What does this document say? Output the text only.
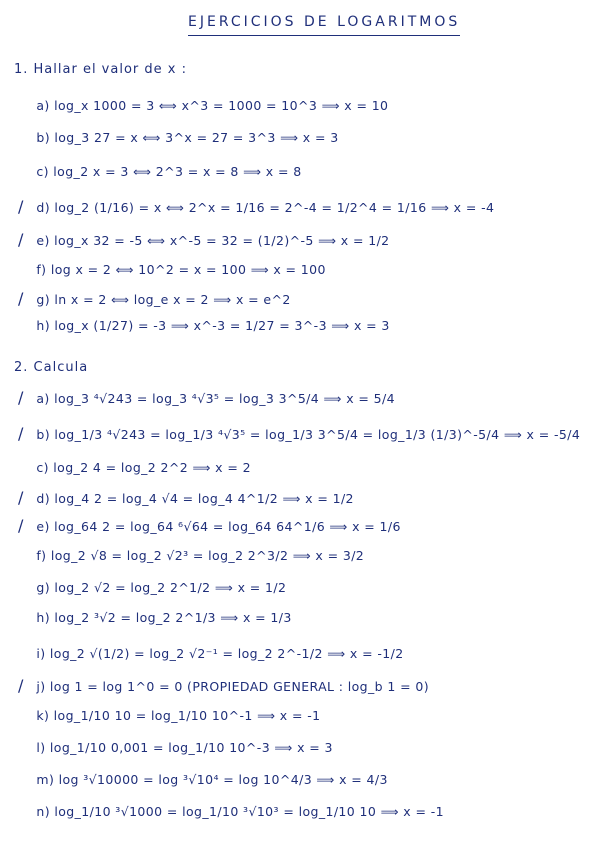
EJERCICIOS DE LOGARITMOS
1. Hallar el valor de x :
a) log_x 1000 = 3 ⟺ x^3 = 1000 = 10^3 ⟹ x = 10
b) log_3 27 = x ⟺ 3^x = 27 = 3^3 ⟹ x = 3
c) log_2 x = 3 ⟺ 2^3 = x = 8 ⟹ x = 8
/ d) log_2 (1/16) = x ⟺ 2^x = 1/16 = 2^-4 = 1/2^4 = 1/16 ⟹ x = -4
/ e) log_x 32 = -5 ⟺ x^-5 = 32 = (1/2)^-5 ⟹ x = 1/2
f) log x = 2 ⟺ 10^2 = x = 100 ⟹ x = 100
/ g) ln x = 2 ⟺ log_e x = 2 ⟹ x = e^2
h) log_x (1/27) = -3 ⟹ x^-3 = 1/27 = 3^-3 ⟹ x = 3
2. Calcula
/ a) log_3 ⁴√243 = log_3 ⁴√3⁵ = log_3 3^5/4 ⟹ x = 5/4
/ b) log_1/3 ⁴√243 = log_1/3 ⁴√3⁵ = log_1/3 3^5/4 = log_1/3 (1/3)^-5/4 ⟹ x = -5/4
c) log_2 4 = log_2 2^2 ⟹ x = 2
/ d) log_4 2 = log_4 √4 = log_4 4^1/2 ⟹ x = 1/2
/ e) log_64 2 = log_64 ⁶√64 = log_64 64^1/6 ⟹ x = 1/6
f) log_2 √8 = log_2 √2³ = log_2 2^3/2 ⟹ x = 3/2
g) log_2 √2 = log_2 2^1/2 ⟹ x = 1/2
h) log_2 ³√2 = log_2 2^1/3 ⟹ x = 1/3
i) log_2 √(1/2) = log_2 √2⁻¹ = log_2 2^-1/2 ⟹ x = -1/2
/ j) log 1 = log 1^0 = 0 (PROPIEDAD GENERAL : log_b 1 = 0)
k) log_1/10 10 = log_1/10 10^-1 ⟹ x = -1
l) log_1/10 0,001 = log_1/10 10^-3 ⟹ x = 3
m) log ³√10000 = log ³√10⁴ = log 10^4/3 ⟹ x = 4/3
n) log_1/10 ³√1000 = log_1/10 ³√10³ = log_1/10 10 ⟹ x = -1
